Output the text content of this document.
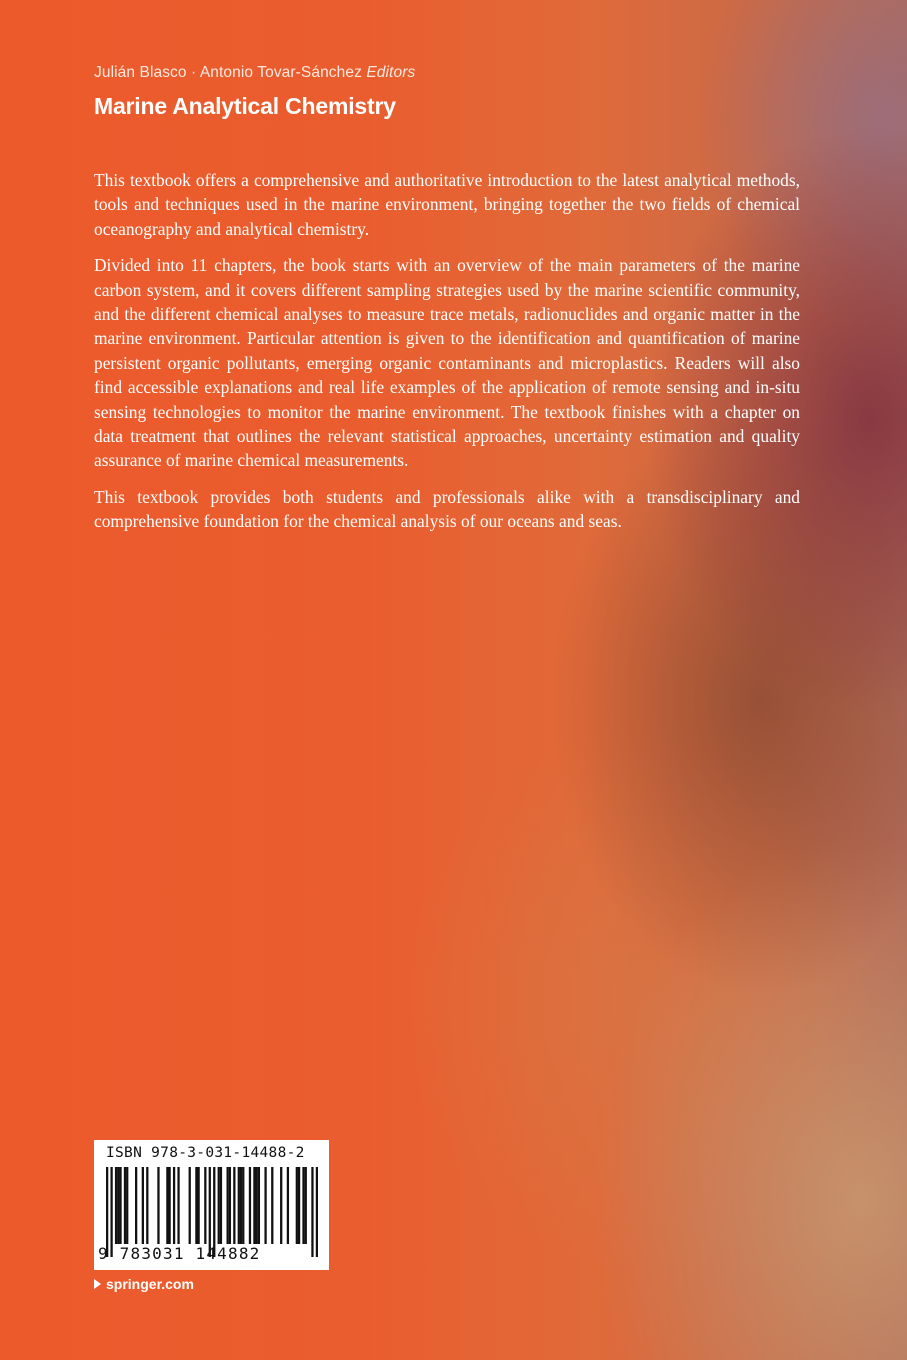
Julián Blasco · Antonio Tovar-Sánchez Editors
Marine Analytical Chemistry

This textbook offers a comprehensive and authoritative introduction to the latest analytical methods, tools and techniques used in the marine environment, bringing together the two fields of chemical oceanography and analytical chemistry.

Divided into 11 chapters, the book starts with an overview of the main parameters of the marine carbon system, and it covers different sampling strategies used by the marine scientific community, and the different chemical analyses to measure trace metals, radionuclides and organic matter in the marine environment. Particular attention is given to the identification and quantification of marine persistent organic pollutants, emerging organic contaminants and microplastics. Readers will also find accessible explanations and real life examples of the application of remote sensing and in-situ sensing technologies to monitor the marine environment. The textbook finishes with a chapter on data treatment that outlines the relevant statistical approaches, uncertainty estimation and quality assurance of marine chemical measurements.

This textbook provides both students and professionals alike with a transdisciplinary and comprehensive foundation for the chemical analysis of our oceans and seas.

ISBN 978-3-031-14488-2
9 783031 144882
springer.com
